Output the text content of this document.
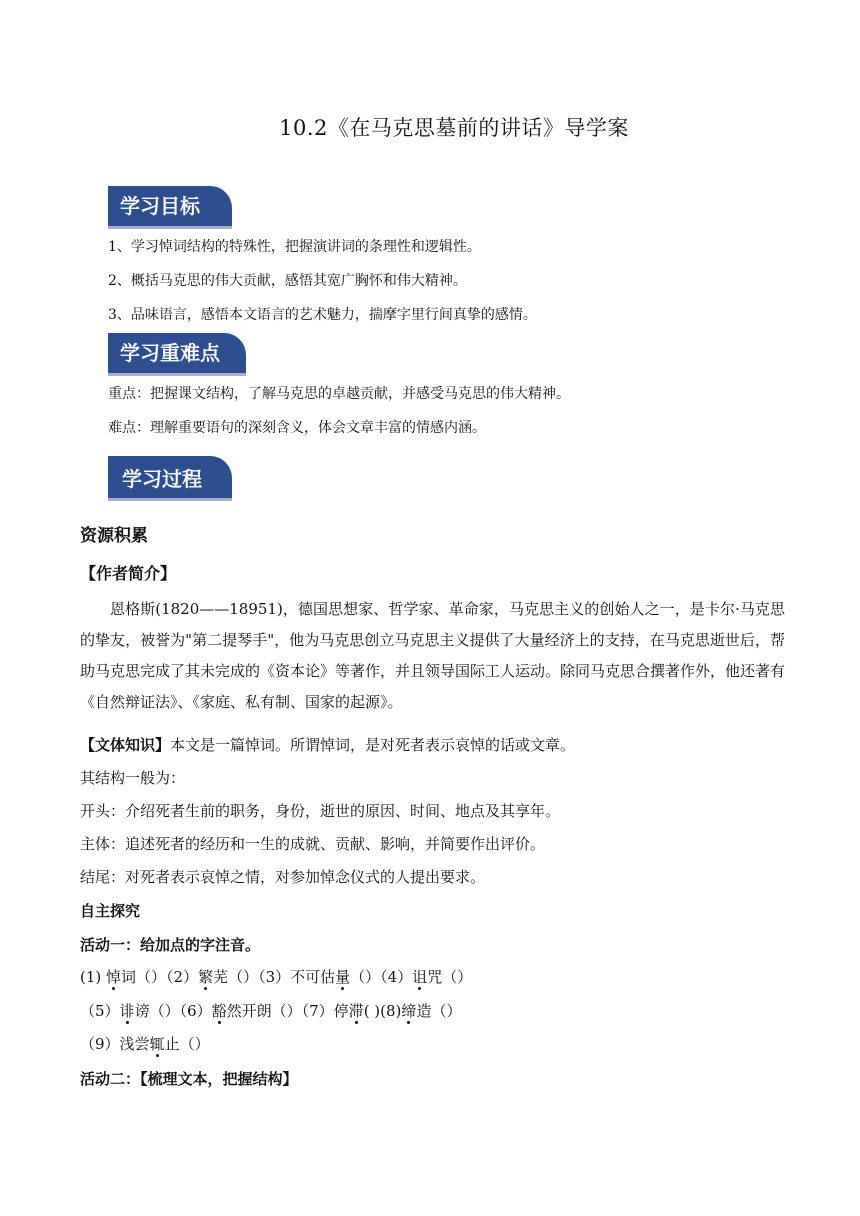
10.2《在马克思墓前的讲话》导学案
学习目标
1、学习悼词结构的特殊性，把握演讲词的条理性和逻辑性。
2、概括马克思的伟大贡献，感悟其宽广胸怀和伟大精神。
3、品味语言，感悟本文语言的艺术魅力，揣摩字里行间真挚的感情。
学习重难点
重点：把握课文结构，了解马克思的卓越贡献，并感受马克思的伟大精神。
难点：理解重要语句的深刻含义，体会文章丰富的情感内涵。
学习过程
资源积累
【作者简介】
恩格斯(1820——18951)，德国思想家、哲学家、革命家，马克思主义的创始人之一，是卡尔·马克思的挚友，被誉为"第二提琴手"，他为马克思创立马克思主义提供了大量经济上的支持，在马克思逝世后，帮助马克思完成了其未完成的《资本论》等著作，并且领导国际工人运动。除同马克思合撰著作外，他还著有《自然辩证法》、《家庭、私有制、国家的起源》。
【文体知识】本文是一篇悼词。所谓悼词，是对死者表示哀悼的话或文章。
其结构一般为：
开头：介绍死者生前的职务，身份，逝世的原因、时间、地点及其享年。
主体：追述死者的经历和一生的成就、贡献、影响，并简要作出评价。
结尾：对死者表示哀悼之情，对参加悼念仪式的人提出要求。
自主探究
活动一：给加点的字注音。
(1) 悼词（）（2）繁芜（）（3）不可估量（）（4）诅咒（）
（5）诽谤（）（6）豁然开朗（）（7）停滞( )(8)缔造（）
（9）浅尝辄止（）
活动二：【梳理文本，把握结构】
